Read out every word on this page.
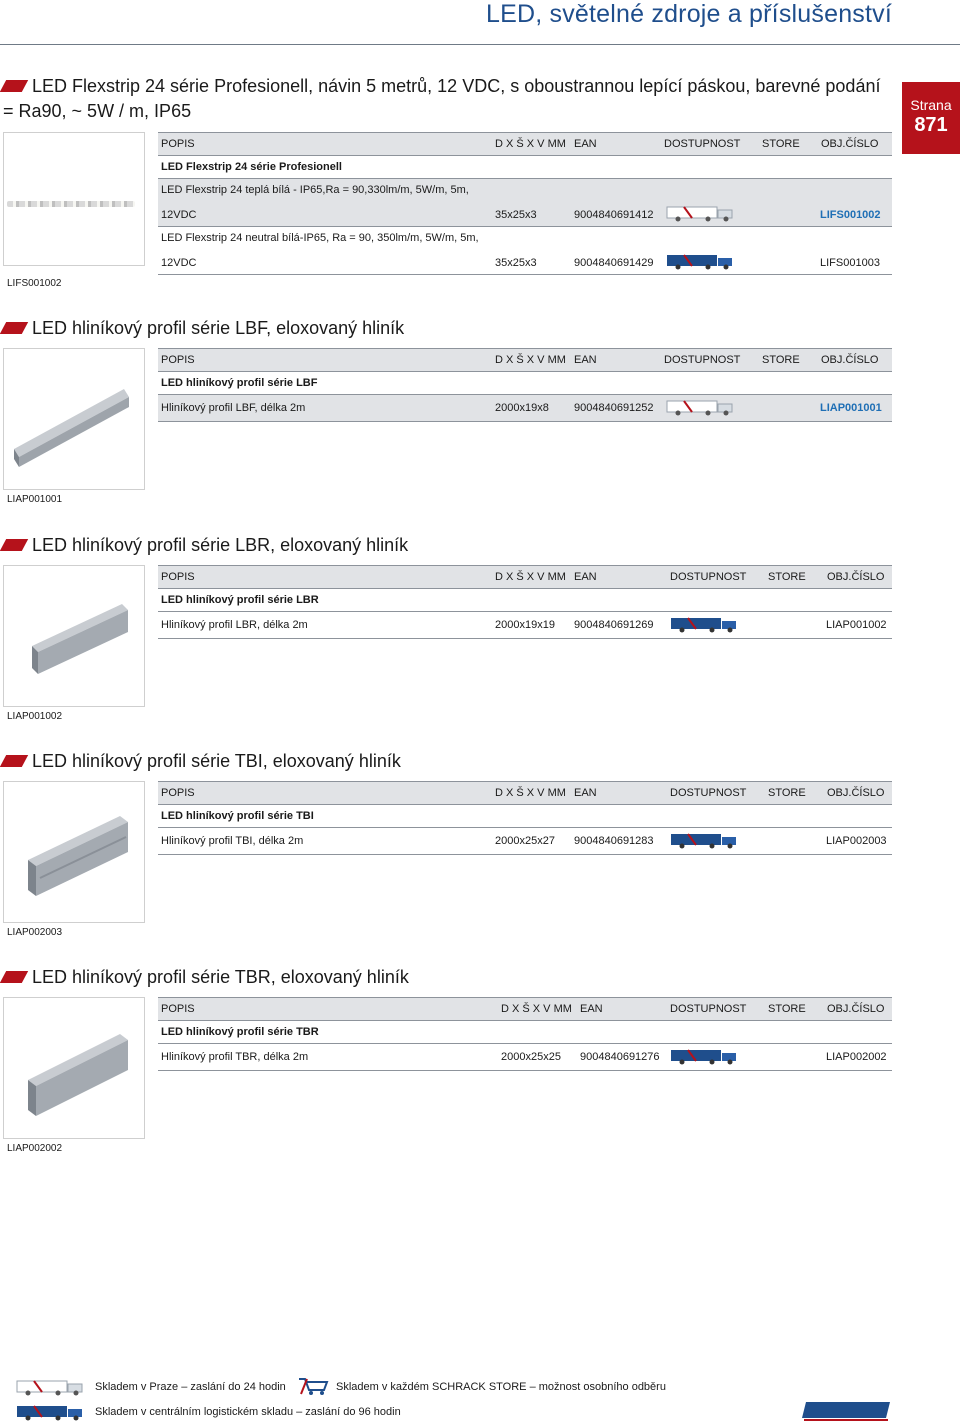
LED, světelné zdroje a příslušenství
Strana
871
LED Flexstrip 24 série Profesionell, návin 5 metrů, 12 VDC, s oboustrannou lepící páskou, barevné podání
= Ra90, ~ 5W / m, IP65
LIFS001002
POPIS	D X Š X V MM EAN	DOSTUPNOST STORE OBJ.ČÍSLO
LED Flexstrip 24 série Profesionell
LED Flexstrip 24 teplá bílá - IP65,Ra = 90,330lm/m, 5W/m, 5m,
12VDC	35x25x3	9004840691412	LIFS001002
LED Flexstrip 24 neutral bílá-IP65, Ra = 90, 350lm/m, 5W/m, 5m,
12VDC	35x25x3	9004840691429	LIFS001003
LED hliníkový profil série LBF, eloxovaný hliník
LIAP001001
POPIS	D X Š X V MM EAN	DOSTUPNOST STORE OBJ.ČÍSLO
LED hliníkový profil série LBF
Hliníkový profil LBF, délka 2m	2000x19x8 9004840691252	LIAP001001
LED hliníkový profil série LBR, eloxovaný hliník
LIAP001002
POPIS	D X Š X V MM EAN	DOSTUPNOST STORE OBJ.ČÍSLO
LED hliníkový profil série LBR
Hliníkový profil LBR, délka 2m	2000x19x19 9004840691269	LIAP001002
LED hliníkový profil série TBI, eloxovaný hliník
LIAP002003
POPIS	D X Š X V MM EAN	DOSTUPNOST STORE OBJ.ČÍSLO
LED hliníkový profil série TBI
Hliníkový profil TBI, délka 2m	2000x25x27 9004840691283	LIAP002003
LED hliníkový profil série TBR, eloxovaný hliník
LIAP002002
POPIS	D X Š X V MM EAN	DOSTUPNOST STORE OBJ.ČÍSLO
LED hliníkový profil série TBR
Hliníkový profil TBR, délka 2m	2000x25x25 9004840691276	LIAP002002
Skladem v Praze – zaslání do 24 hodin	Skladem v každém SCHRACK STORE – možnost osobního odběru
Skladem v centrálním logistickém skladu – zaslání do 96 hodin
